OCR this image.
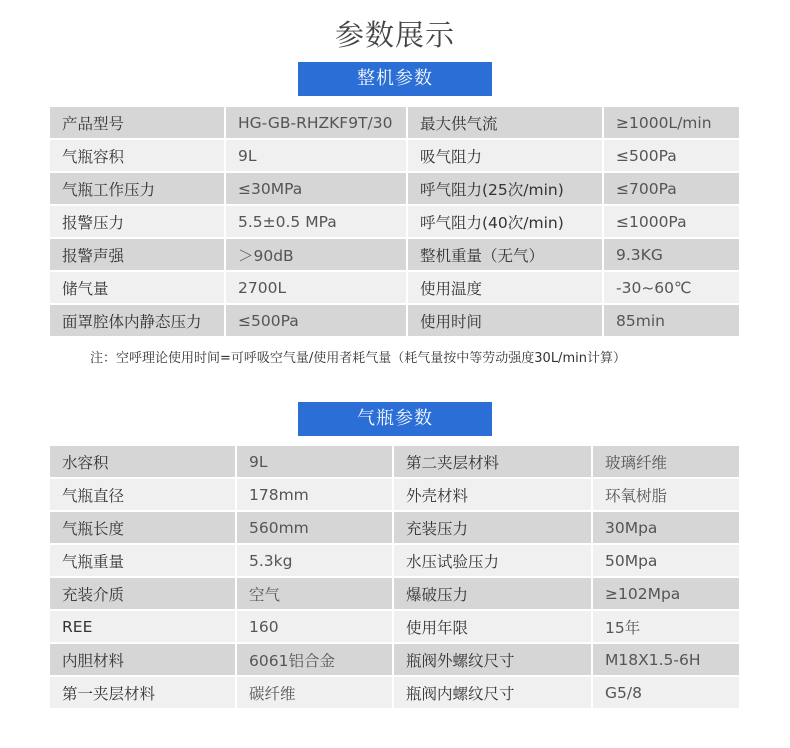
参数展示
整机参数
产品型号	HG-GB-RHZKF9T/30	最大供气流	≥1000L/min
气瓶容积	9L	吸气阻力	≤500Pa
气瓶工作压力	≤30MPa	呼气阻力(25次/min)	≤700Pa
报警压力	5.5±0.5 MPa	呼气阻力(40次/min)	≤1000Pa
报警声强	＞90dB	整机重量（无气）	9.3KG
储气量	2700L	使用温度	-30~60℃
面罩腔体内静态压力	≤500Pa	使用时间	85min
注：空呼理论使用时间=可呼吸空气量/使用者耗气量（耗气量按中等劳动强度30L/min计算）
气瓶参数
水容积	9L	第二夹层材料	玻璃纤维
气瓶直径	178mm	外壳材料	环氧树脂
气瓶长度	560mm	充装压力	30Mpa
气瓶重量	5.3kg	水压试验压力	50Mpa
充装介质	空气	爆破压力	≥102Mpa
REE	160	使用年限	15年
内胆材料	6061铝合金	瓶阀外螺纹尺寸	M18X1.5-6H
第一夹层材料	碳纤维	瓶阀内螺纹尺寸	G5/8
